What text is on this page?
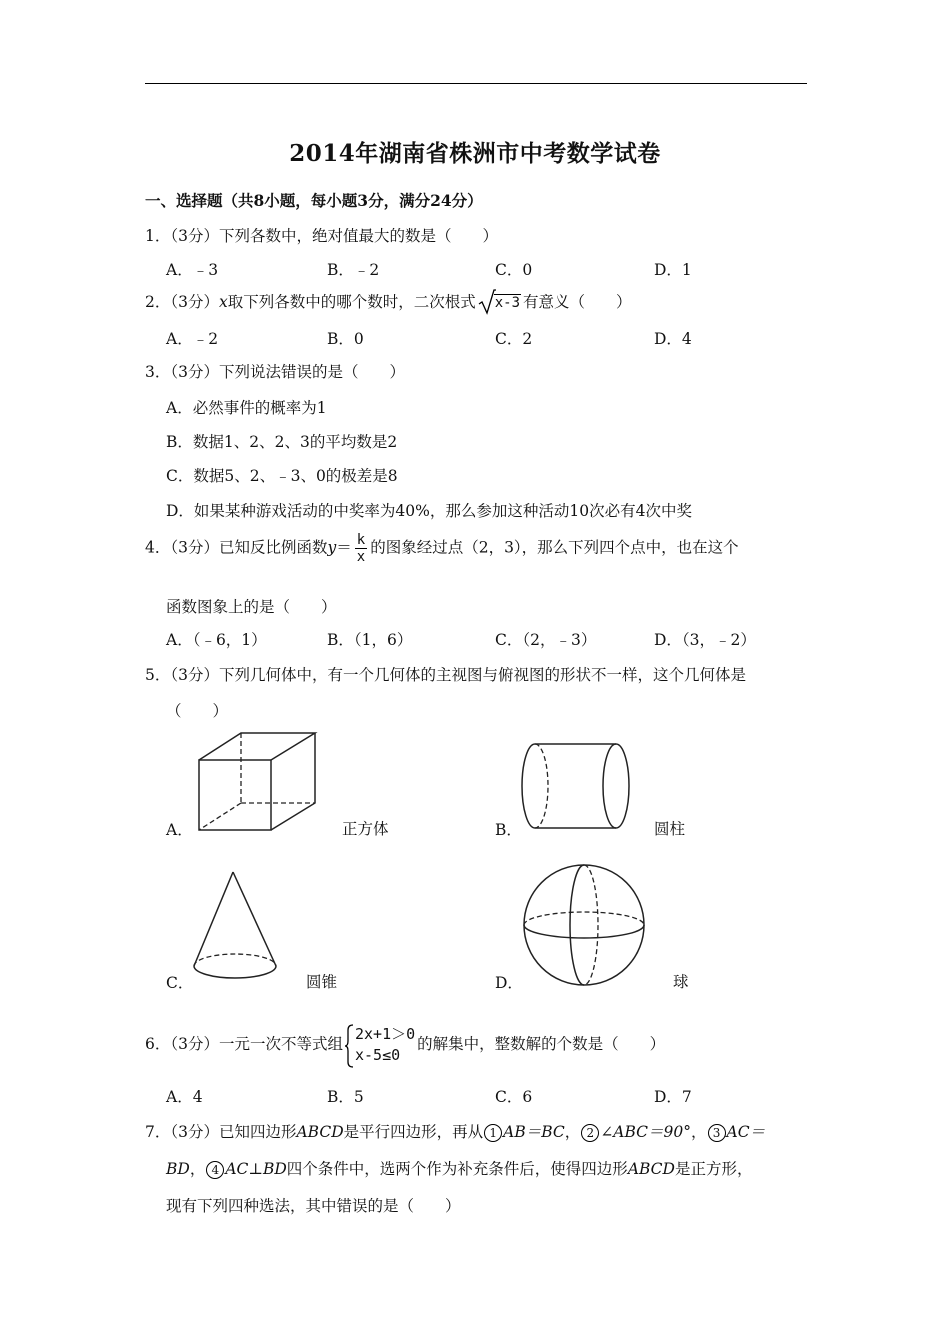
2014年湖南省株洲市中考数学试卷
一、选择题（共8小题，每小题3分，满分24分）
1．（3分）下列各数中，绝对值最大的数是（　　）
A．﹣3	B．﹣2	C．0	D．1
2．（3分）x取下列各数中的哪个数时，二次根式 x-3 有意义（　　）
A．﹣2	B．0	C．2	D．4
3．（3分）下列说法错误的是（　　）
A．必然事件的概率为1
B．数据1、2、2、3的平均数是2
C．数据5、2、﹣3、0的极差是8
D．如果某种游戏活动的中奖率为40%，那么参加这种活动10次必有4次中奖
4．（3分）已知反比例函数$y= \frac{k}{x}$ 的图象经过点（2，3），那么下列四个点中，也在这个
函数图象上的是（　　）
A．（﹣6，1）	B．（1，6）	C．（2，﹣3）	D．（3，﹣2）
5．（3分）下列几何体中，有一个几何体的主视图与俯视图的形状不一样，这个几何体是
（　　）
A．	正方体	B．	圆柱
C．	圆锥	D．	球
6．（3分）一元一次不等式组
2x+1＞0
x-5≤0
的解集中，整数解的个数是（　　）
A．4	B．5	C．6	D．7
7．（3分）已知四边形ABCD是平行四边形，再从 1 AB＝BC， 2 ∠ABC＝90°， 3 AC＝
BD， 4 AC⊥BD四个条件中，选两个作为补充条件后，使得四边形ABCD是正方形，
现有下列四种选法，其中错误的是（　　）
